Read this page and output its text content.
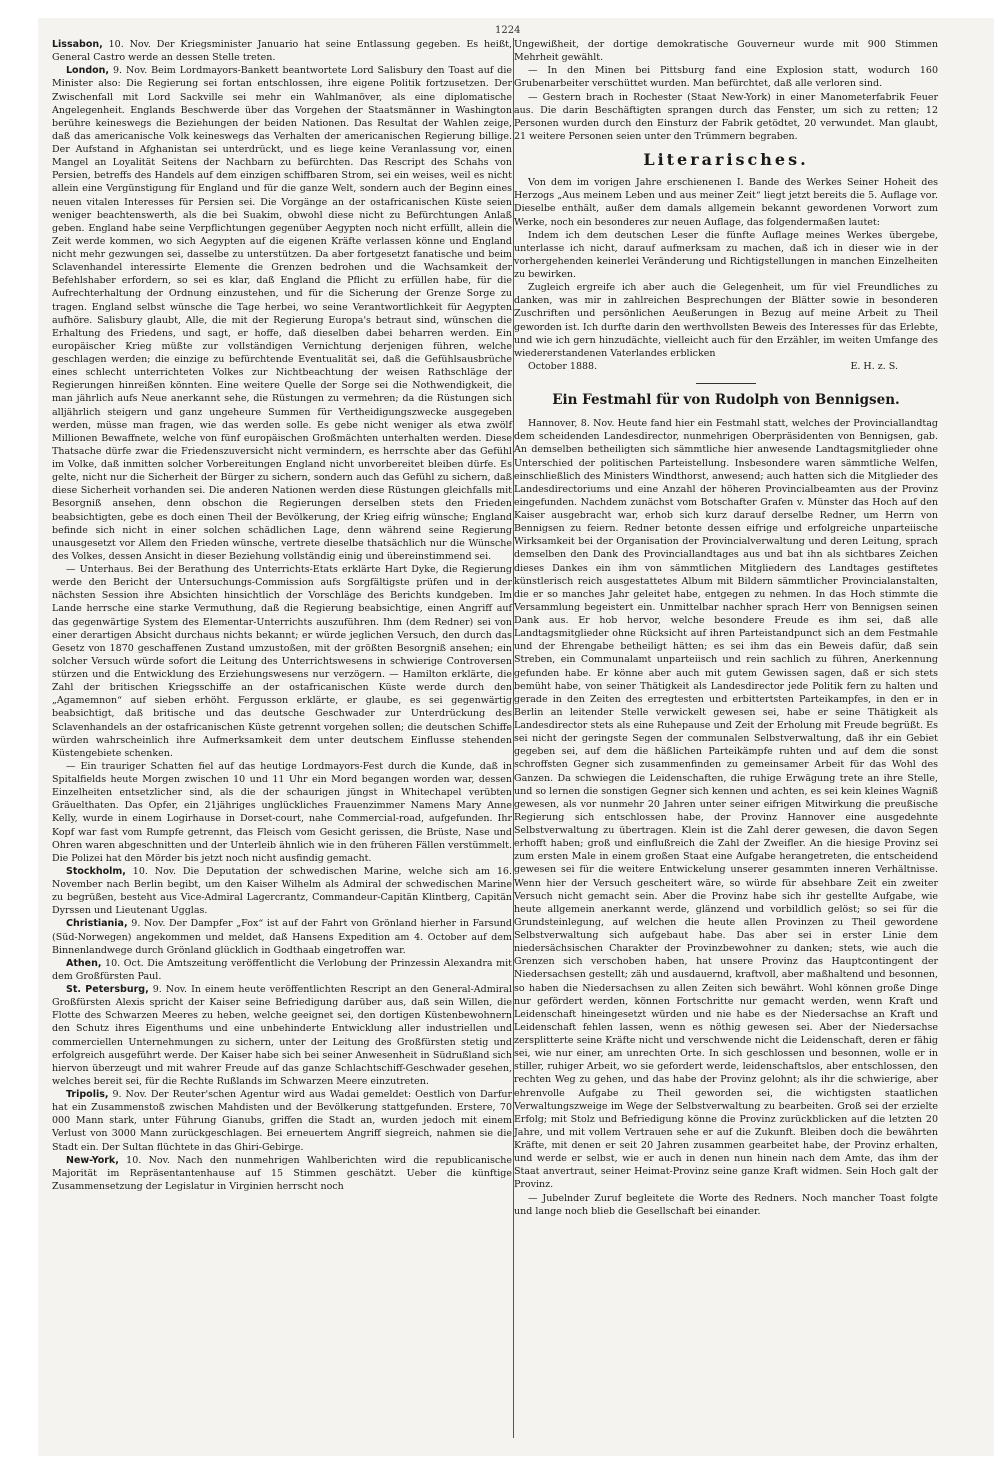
1224

Lissabon, 10. Nov. Der Kriegsminister Januario hat seine Entlassung gegeben. Es heißt, General Castro werde an dessen Stelle treten.

London, 9. Nov. Beim Lordmayors-Bankett beantwortete Lord Salisbury den Toast auf die Minister also: Die Regierung sei fortan entschlossen, ihre eigene Politik fortzusetzen. Der Zwischenfall mit Lord Sackville sei mehr ein Wahlmanöver, als eine diplomatische Angelegenheit. Englands Beschwerde über das Vorgehen der Staatsmänner in Washington berühre keineswegs die Beziehungen der beiden Nationen. Das Resultat der Wahlen zeige, daß das americanische Volk keineswegs das Verhalten der americanischen Regierung billige. Der Aufstand in Afghanistan sei unterdrückt, und es liege keine Veranlassung vor, einen Mangel an Loyalität Seitens der Nachbarn zu befürchten. Das Rescript des Schahs von Persien, betreffs des Handels auf dem einzigen schiffbaren Strom, sei ein weises, weil es nicht allein eine Vergünstigung für England und für die ganze Welt, sondern auch der Beginn eines neuen vitalen Interesses für Persien sei. Die Vorgänge an der ostafricanischen Küste seien weniger beachtenswerth, als die bei Suakim, obwohl diese nicht zu Befürchtungen Anlaß geben. England habe seine Verpflichtungen gegenüber Aegypten noch nicht erfüllt, allein die Zeit werde kommen, wo sich Aegypten auf die eigenen Kräfte verlassen könne und England nicht mehr gezwungen sei, dasselbe zu unterstützen. Da aber fortgesetzt fanatische und beim Sclavenhandel interessirte Elemente die Grenzen bedrohen und die Wachsamkeit der Befehlshaber erfordern, so sei es klar, daß England die Pflicht zu erfüllen habe, für die Aufrechterhaltung der Ordnung einzustehen, und für die Sicherung der Grenze Sorge zu tragen. England selbst wünsche die Tage herbei, wo seine Verantwortlichkeit für Aegypten aufhöre. Salisbury glaubt, Alle, die mit der Regierung Europa's betraut sind, wünschen die Erhaltung des Friedens, und sagt, er hoffe, daß dieselben dabei beharren werden. Ein europäischer Krieg müßte zur vollständigen Vernichtung derjenigen führen, welche geschlagen werden; die einzige zu befürchtende Eventualität sei, daß die Gefühlsausbrüche eines schlecht unterrichteten Volkes zur Nichtbeachtung der weisen Rathschläge der Regierungen hinreißen könnten. Eine weitere Quelle der Sorge sei die Nothwendigkeit, die man jährlich aufs Neue anerkannt sehe, die Rüstungen zu vermehren; da die Rüstungen sich alljährlich steigern und ganz ungeheure Summen für Vertheidigungszwecke ausgegeben werden, müsse man fragen, wie das werden solle. Es gebe nicht weniger als etwa zwölf Millionen Bewaffnete, welche von fünf europäischen Großmächten unterhalten werden. Diese Thatsache dürfe zwar die Friedenszuversicht nicht vermindern, es herrschte aber das Gefühl im Volke, daß inmitten solcher Vorbereitungen England nicht unvorbereitet bleiben dürfe. Es gelte, nicht nur die Sicherheit der Bürger zu sichern, sondern auch das Gefühl zu sichern, daß diese Sicherheit vorhanden sei. Die anderen Nationen werden diese Rüstungen gleichfalls mit Besorgniß ansehen, denn obschon die Regierungen derselben stets den Frieden beabsichtigten, gebe es doch einen Theil der Bevölkerung, der Krieg eifrig wünsche; England befinde sich nicht in einer solchen schädlichen Lage, denn während seine Regierung unausgesetzt vor Allem den Frieden wünsche, vertrete dieselbe thatsächlich nur die Wünsche des Volkes, dessen Ansicht in dieser Beziehung vollständig einig und übereinstimmend sei.

— Unterhaus. Bei der Berathung des Unterrichts-Etats erklärte Hart Dyke, die Regierung werde den Bericht der Untersuchungs-Commission aufs Sorgfältigste prüfen und in der nächsten Session ihre Absichten hinsichtlich der Vorschläge des Berichts kundgeben. Im Lande herrsche eine starke Vermuthung, daß die Regierung beabsichtige, einen Angriff auf das gegenwärtige System des Elementar-Unterrichts auszuführen. Ihm (dem Redner) sei von einer derartigen Absicht durchaus nichts bekannt; er würde jeglichen Versuch, den durch das Gesetz von 1870 geschaffenen Zustand umzustoßen, mit der größten Besorgniß ansehen; ein solcher Versuch würde sofort die Leitung des Unterrichtswesens in schwierige Controversen stürzen und die Entwicklung des Erziehungswesens nur verzögern. — Hamilton erklärte, die Zahl der britischen Kriegsschiffe an der ostafricanischen Küste werde durch den „Agamemnon“ auf sieben erhöht. Fergusson erklärte, er glaube, es sei gegenwärtig beabsichtigt, daß britische und das deutsche Geschwader zur Unterdrückung des Sclavenhandels an der ostafricanischen Küste getrennt vorgehen sollen; die deutschen Schiffe würden wahrscheinlich ihre Aufmerksamkeit dem unter deutschem Einflusse stehenden Küstengebiete schenken.

— Ein trauriger Schatten fiel auf das heutige Lordmayors-Fest durch die Kunde, daß in Spitalfields heute Morgen zwischen 10 und 11 Uhr ein Mord begangen worden war, dessen Einzelheiten entsetzlicher sind, als die der schaurigen jüngst in Whitechapel verübten Gräuelthaten. Das Opfer, ein 21jähriges unglückliches Frauenzimmer Namens Mary Anne Kelly, wurde in einem Logirhause in Dorset-court, nahe Commercial-road, aufgefunden. Ihr Kopf war fast vom Rumpfe getrennt, das Fleisch vom Gesicht gerissen, die Brüste, Nase und Ohren waren abgeschnitten und der Unterleib ähnlich wie in den früheren Fällen verstümmelt. Die Polizei hat den Mörder bis jetzt noch nicht ausfindig gemacht.

Stockholm, 10. Nov. Die Deputation der schwedischen Marine, welche sich am 16. November nach Berlin begibt, um den Kaiser Wilhelm als Admiral der schwedischen Marine zu begrüßen, besteht aus Vice-Admiral Lagercrantz, Commandeur-Capitän Klintberg, Capitän Dyrssen und Lieutenant Ugglas.

Christiania, 9. Nov. Der Dampfer „Fox“ ist auf der Fahrt von Grönland hierher in Farsund (Süd-Norwegen) angekommen und meldet, daß Hansens Expedition am 4. October auf dem Binnenlandwege durch Grönland glücklich in Godthaab eingetroffen war.

Athen, 10. Oct. Die Amtszeitung veröffentlicht die Verlobung der Prinzessin Alexandra mit dem Großfürsten Paul.

St. Petersburg, 9. Nov. In einem heute veröffentlichten Rescript an den General-Admiral Großfürsten Alexis spricht der Kaiser seine Befriedigung darüber aus, daß sein Willen, die Flotte des Schwarzen Meeres zu heben, welche geeignet sei, den dortigen Küstenbewohnern den Schutz ihres Eigenthums und eine unbehinderte Entwicklung aller industriellen und commerciellen Unternehmungen zu sichern, unter der Leitung des Großfürsten stetig und erfolgreich ausgeführt werde. Der Kaiser habe sich bei seiner Anwesenheit in Südrußland sich hiervon überzeugt und mit wahrer Freude auf das ganze Schlachtschiff-Geschwader gesehen, welches bereit sei, für die Rechte Rußlands im Schwarzen Meere einzutreten.

Tripolis, 9. Nov. Der Reuter'schen Agentur wird aus Wadai gemeldet: Oestlich von Darfur hat ein Zusammenstoß zwischen Mahdisten und der Bevölkerung stattgefunden. Erstere, 70 000 Mann stark, unter Führung Gianubs, griffen die Stadt an, wurden jedoch mit einem Verlust von 3000 Mann zurückgeschlagen. Bei erneuertem Angriff siegreich, nahmen sie die Stadt ein. Der Sultan flüchtete in das Ghiri-Gebirge.

New-York, 10. Nov. Nach den nunmehrigen Wahlberichten wird die republicanische Majorität im Repräsentantenhause auf 15 Stimmen geschätzt. Ueber die künftige Zusammensetzung der Legislatur in Virginien herrscht noch

Ungewißheit, der dortige demokratische Gouverneur wurde mit 900 Stimmen Mehrheit gewählt.

— In den Minen bei Pittsburg fand eine Explosion statt, wodurch 160 Grubenarbeiter verschüttet wurden. Man befürchtet, daß alle verloren sind.

— Gestern brach in Rochester (Staat New-York) in einer Manometerfabrik Feuer aus. Die darin Beschäftigten sprangen durch das Fenster, um sich zu retten; 12 Personen wurden durch den Einsturz der Fabrik getödtet, 20 verwundet. Man glaubt, 21 weitere Personen seien unter den Trümmern begraben.

Literarisches.

Von dem im vorigen Jahre erschienenen I. Bande des Werkes Seiner Hoheit des Herzogs „Aus meinem Leben und aus meiner Zeit“ liegt jetzt bereits die 5. Auflage vor. Dieselbe enthält, außer dem damals allgemein bekannt gewordenen Vorwort zum Werke, noch ein besonderes zur neuen Auflage, das folgendermaßen lautet:

Indem ich dem deutschen Leser die fünfte Auflage meines Werkes übergebe, unterlasse ich nicht, darauf aufmerksam zu machen, daß ich in dieser wie in der vorhergehenden keinerlei Veränderung und Richtigstellungen in manchen Einzelheiten zu bewirken.

Zugleich ergreife ich aber auch die Gelegenheit, um für viel Freundliches zu danken, was mir in zahlreichen Besprechungen der Blätter sowie in besonderen Zuschriften und persönlichen Aeußerungen in Bezug auf meine Arbeit zu Theil geworden ist. Ich durfte darin den werthvollsten Beweis des Interesses für das Erlebte, und wie ich gern hinzudächte, vielleicht auch für den Erzähler, im weiten Umfange des wiedererstandenen Vaterlandes erblicken

October 1888.	E. H. z. S.
Ein Festmahl für von Rudolph von Bennigsen.

Hannover, 8. Nov. Heute fand hier ein Festmahl statt, welches der Provinciallandtag dem scheidenden Landesdirector, nunmehrigen Oberpräsidenten von Bennigsen, gab. An demselben betheiligten sich sämmtliche hier anwesende Landtagsmitglieder ohne Unterschied der politischen Parteistellung. Insbesondere waren sämmtliche Welfen, einschließlich des Ministers Windthorst, anwesend; auch hatten sich die Mitglieder des Landesdirectoriums und eine Anzahl der höheren Provincialbeamten aus der Provinz eingefunden. Nachdem zunächst vom Botschafter Grafen v. Münster das Hoch auf den Kaiser ausgebracht war, erhob sich kurz darauf derselbe Redner, um Herrn von Bennigsen zu feiern. Redner betonte dessen eifrige und erfolgreiche unparteiische Wirksamkeit bei der Organisation der Provincialverwaltung und deren Leitung, sprach demselben den Dank des Provinciallandtages aus und bat ihn als sichtbares Zeichen dieses Dankes ein ihm von sämmtlichen Mitgliedern des Landtages gestiftetes künstlerisch reich ausgestattetes Album mit Bildern sämmtlicher Provincialanstalten, die er so manches Jahr geleitet habe, entgegen zu nehmen. In das Hoch stimmte die Versammlung begeistert ein. Unmittelbar nachher sprach Herr von Bennigsen seinen Dank aus. Er hob hervor, welche besondere Freude es ihm sei, daß alle Landtagsmitglieder ohne Rücksicht auf ihren Parteistandpunct sich an dem Festmahle und der Ehrengabe betheiligt hätten; es sei ihm das ein Beweis dafür, daß sein Streben, ein Communalamt unparteiisch und rein sachlich zu führen, Anerkennung gefunden habe. Er könne aber auch mit gutem Gewissen sagen, daß er sich stets bemüht habe, von seiner Thätigkeit als Landesdirector jede Politik fern zu halten und gerade in den Zeiten des erregtesten und erbittertsten Parteikampfes, in den er in Berlin an leitender Stelle verwickelt gewesen sei, habe er seine Thätigkeit als Landesdirector stets als eine Ruhepause und Zeit der Erholung mit Freude begrüßt. Es sei nicht der geringste Segen der communalen Selbstverwaltung, daß ihr ein Gebiet gegeben sei, auf dem die häßlichen Parteikämpfe ruhten und auf dem die sonst schroffsten Gegner sich zusammenfinden zu gemeinsamer Arbeit für das Wohl des Ganzen. Da schwiegen die Leidenschaften, die ruhige Erwägung trete an ihre Stelle, und so lernen die sonstigen Gegner sich kennen und achten, es sei kein kleines Wagniß gewesen, als vor nunmehr 20 Jahren unter seiner eifrigen Mitwirkung die preußische Regierung sich entschlossen habe, der Provinz Hannover eine ausgedehnte Selbstverwaltung zu übertragen. Klein ist die Zahl derer gewesen, die davon Segen erhofft haben; groß und einflußreich die Zahl der Zweifler. An die hiesige Provinz sei zum ersten Male in einem großen Staat eine Aufgabe herangetreten, die entscheidend gewesen sei für die weitere Entwickelung unserer gesammten inneren Verhältnisse. Wenn hier der Versuch gescheitert wäre, so würde für absehbare Zeit ein zweiter Versuch nicht gemacht sein. Aber die Provinz habe sich ihr gestellte Aufgabe, wie heute allgemein anerkannt werde, glänzend und vorbildlich gelöst; so sei für die Grundsteinlegung, auf welchen die heute allen Provinzen zu Theil gewordene Selbstverwaltung sich aufgebaut habe. Das aber sei in erster Linie dem niedersächsischen Charakter der Provinzbewohner zu danken; stets, wie auch die Grenzen sich verschoben haben, hat unsere Provinz das Hauptcontingent der Niedersachsen gestellt; zäh und ausdauernd, kraftvoll, aber maßhaltend und besonnen, so haben die Niedersachsen zu allen Zeiten sich bewährt. Wohl können große Dinge nur gefördert werden, können Fortschritte nur gemacht werden, wenn Kraft und Leidenschaft hineingesetzt würden und nie habe es der Niedersachse an Kraft und Leidenschaft fehlen lassen, wenn es nöthig gewesen sei. Aber der Niedersachse zersplitterte seine Kräfte nicht und verschwende nicht die Leidenschaft, deren er fähig sei, wie nur einer, am unrechten Orte. In sich geschlossen und besonnen, wolle er in stiller, ruhiger Arbeit, wo sie gefordert werde, leidenschaftslos, aber entschlossen, den rechten Weg zu gehen, und das habe der Provinz gelohnt; als ihr die schwierige, aber ehrenvolle Aufgabe zu Theil geworden sei, die wichtigsten staatlichen Verwaltungszweige im Wege der Selbstverwaltung zu bearbeiten. Groß sei der erzielte Erfolg; mit Stolz und Befriedigung könne die Provinz zurückblicken auf die letzten 20 Jahre, und mit vollem Vertrauen sehe er auf die Zukunft. Bleiben doch die bewährten Kräfte, mit denen er seit 20 Jahren zusammen gearbeitet habe, der Provinz erhalten, und werde er selbst, wie er auch in denen nun hinein nach dem Amte, das ihm der Staat anvertraut, seiner Heimat-Provinz seine ganze Kraft widmen. Sein Hoch galt der Provinz.

— Jubelnder Zuruf begleitete die Worte des Redners. Noch mancher Toast folgte und lange noch blieb die Gesellschaft bei einander.
